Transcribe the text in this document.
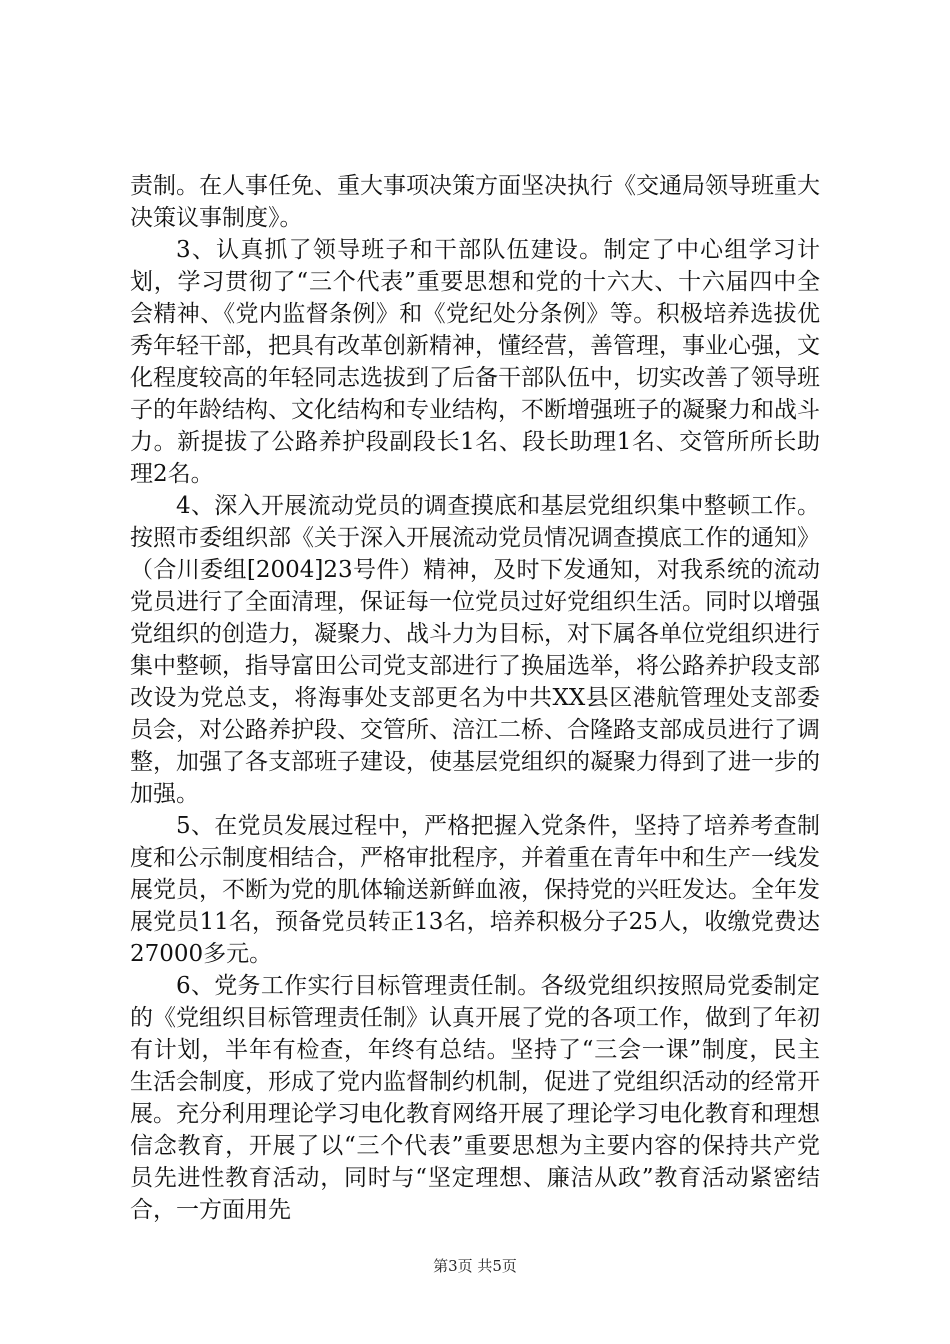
责制。在人事任免、重大事项决策方面坚决执行《交通局领导班重大决策议事制度》。

3、认真抓了领导班子和干部队伍建设。制定了中心组学习计划，学习贯彻了“三个代表”重要思想和党的十六大、十六届四中全会精神、《党内监督条例》和《党纪处分条例》等。积极培养选拔优秀年轻干部，把具有改革创新精神，懂经营，善管理，事业心强，文化程度较高的年轻同志选拔到了后备干部队伍中，切实改善了领导班子的年龄结构、文化结构和专业结构，不断增强班子的凝聚力和战斗力。新提拔了公路养护段副段长1名、段长助理1名、交管所所长助理2名。

4、深入开展流动党员的调查摸底和基层党组织集中整顿工作。按照市委组织部《关于深入开展流动党员情况调查摸底工作的通知》（合川委组[2004]23号件）精神，及时下发通知，对我系统的流动党员进行了全面清理，保证每一位党员过好党组织生活。同时以增强党组织的创造力，凝聚力、战斗力为目标，对下属各单位党组织进行集中整顿，指导富田公司党支部进行了换届选举，将公路养护段支部改设为党总支，将海事处支部更名为中共XX县区港航管理处支部委员会，对公路养护段、交管所、涪江二桥、合隆路支部成员进行了调整，加强了各支部班子建设，使基层党组织的凝聚力得到了进一步的加强。

5、在党员发展过程中，严格把握入党条件，坚持了培养考查制度和公示制度相结合，严格审批程序，并着重在青年中和生产一线发展党员，不断为党的肌体输送新鲜血液，保持党的兴旺发达。全年发展党员11名，预备党员转正13名，培养积极分子25人，收缴党费达27000多元。

6、党务工作实行目标管理责任制。各级党组织按照局党委制定的《党组织目标管理责任制》认真开展了党的各项工作，做到了年初有计划，半年有检查，年终有总结。坚持了“三会一课”制度，民主生活会制度，形成了党内监督制约机制，促进了党组织活动的经常开展。充分利用理论学习电化教育网络开展了理论学习电化教育和理想信念教育，开展了以“三个代表”重要思想为主要内容的保持共产党员先进性教育活动，同时与“坚定理想、廉洁从政”教育活动紧密结合，一方面用先

第3页 共5页
